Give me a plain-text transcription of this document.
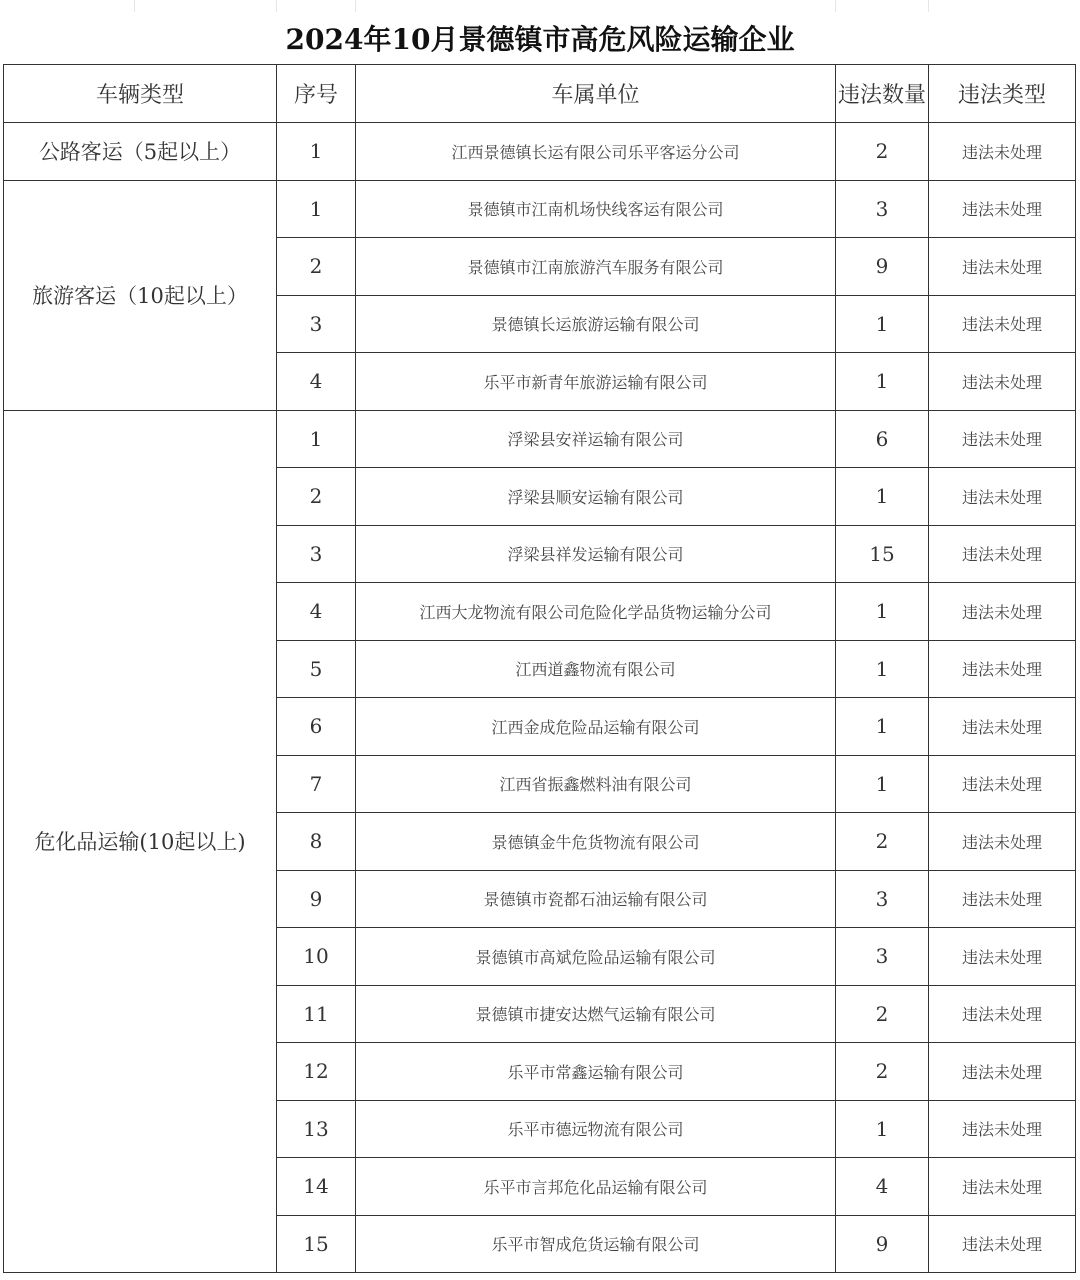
2024年10月景德镇市高危风险运输企业
车辆类型	序号	车属单位	违法数量	违法类型
公路客运（5起以上）	1	江西景德镇长运有限公司乐平客运分公司	2	违法未处理
旅游客运（10起以上）	1	景德镇市江南机场快线客运有限公司	3	违法未处理
	2	景德镇市江南旅游汽车服务有限公司	9	违法未处理
	3	景德镇长运旅游运输有限公司	1	违法未处理
	4	乐平市新青年旅游运输有限公司	1	违法未处理
危化品运输(10起以上)	1	浮梁县安祥运输有限公司	6	违法未处理
	2	浮梁县顺安运输有限公司	1	违法未处理
	3	浮梁县祥发运输有限公司	15	违法未处理
	4	江西大龙物流有限公司危险化学品货物运输分公司	1	违法未处理
	5	江西道鑫物流有限公司	1	违法未处理
	6	江西金成危险品运输有限公司	1	违法未处理
	7	江西省振鑫燃料油有限公司	1	违法未处理
	8	景德镇金牛危货物流有限公司	2	违法未处理
	9	景德镇市瓷都石油运输有限公司	3	违法未处理
	10	景德镇市高斌危险品运输有限公司	3	违法未处理
	11	景德镇市捷安达燃气运输有限公司	2	违法未处理
	12	乐平市常鑫运输有限公司	2	违法未处理
	13	乐平市德远物流有限公司	1	违法未处理
	14	乐平市言邦危化品运输有限公司	4	违法未处理
	15	乐平市智成危货运输有限公司	9	违法未处理
